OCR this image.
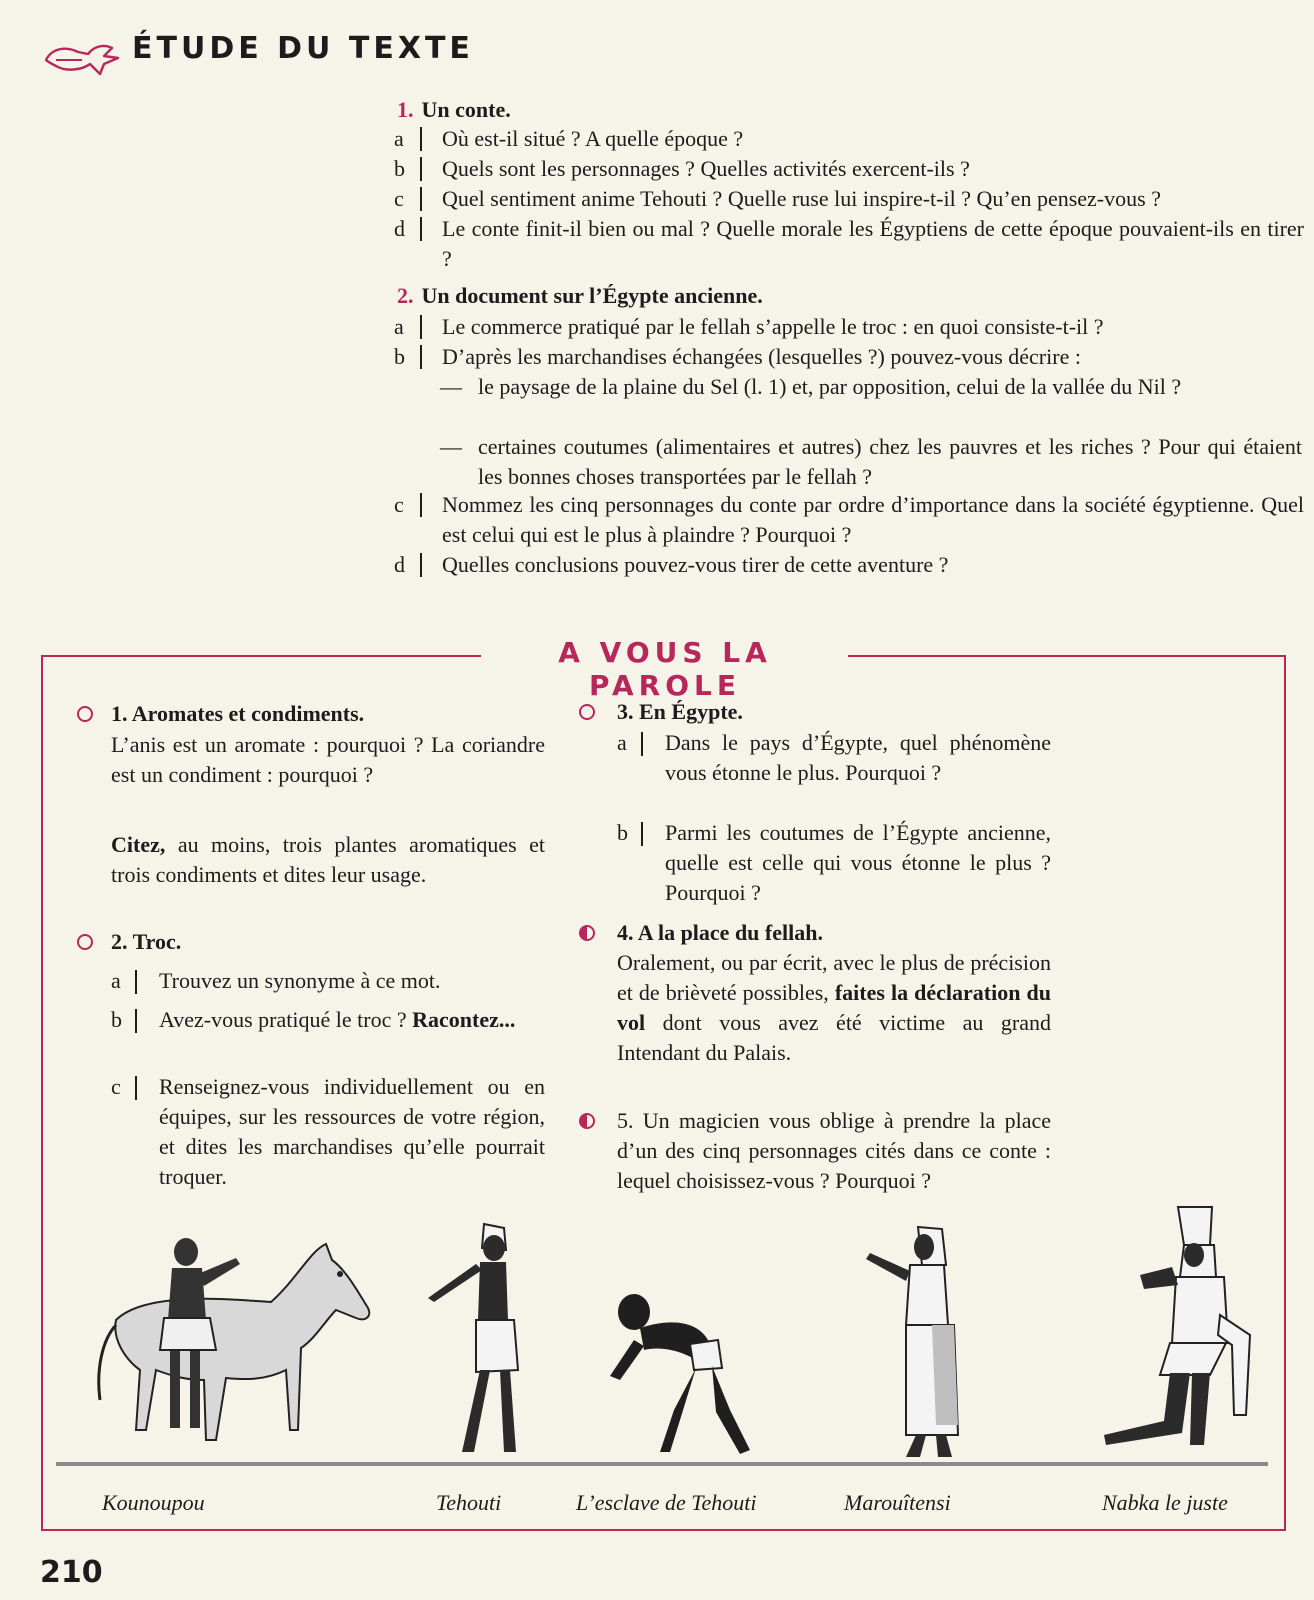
ÉTUDE DU TEXTE
1. Un conte.
a	Où est-il situé ? A quelle époque ?
b	Quels sont les personnages ? Quelles activités exercent-ils ?
c	Quel sentiment anime Tehouti ? Quelle ruse lui inspire-t-il ? Qu’en pensez-vous ?
d	Le conte finit-il bien ou mal ? Quelle morale les Égyptiens de cette époque pouvaient-ils en tirer ?
2. Un document sur l’Égypte ancienne.
a	Le commerce pratiqué par le fellah s’appelle le troc : en quoi consiste-t-il ?
b	D’après les marchandises échangées (lesquelles ?) pouvez-vous décrire :
— le paysage de la plaine du Sel (l. 1) et, par opposition, celui de la vallée du Nil ?
— certaines coutumes (alimentaires et autres) chez les pauvres et les riches ? Pour qui étaient les bonnes choses transportées par le fellah ?
c	Nommez les cinq personnages du conte par ordre d’importance dans la société égyptienne. Quel est celui qui est le plus à plaindre ? Pourquoi ?
d	Quelles conclusions pouvez-vous tirer de cette aventure ?
A VOUS LA PAROLE
1. Aromates et condiments.
L’anis est un aromate : pourquoi ? La coriandre est un condiment : pourquoi ?
Citez, au moins, trois plantes aromatiques et trois condiments et dites leur usage.
2. Troc.
a	Trouvez un synonyme à ce mot.
b	Avez-vous pratiqué le troc ? Racontez...
c	Renseignez-vous individuellement ou en équipes, sur les ressources de votre région, et dites les marchandises qu’elle pourrait troquer.
3. En Égypte.
a	Dans le pays d’Égypte, quel phénomène vous étonne le plus. Pourquoi ?
b	Parmi les coutumes de l’Égypte ancienne, quelle est celle qui vous étonne le plus ? Pourquoi ?
4. A la place du fellah.
Oralement, ou par écrit, avec le plus de précision et de brièveté possibles, faites la déclaration du vol dont vous avez été victime au grand Intendant du Palais.
5. Un magicien vous oblige à prendre la place d’un des cinq personnages cités dans ce conte : lequel choisissez-vous ? Pourquoi ?
Kounoupou	Tehouti	L’esclave de Tehouti	Marouîtensi	Nabka le juste
210
